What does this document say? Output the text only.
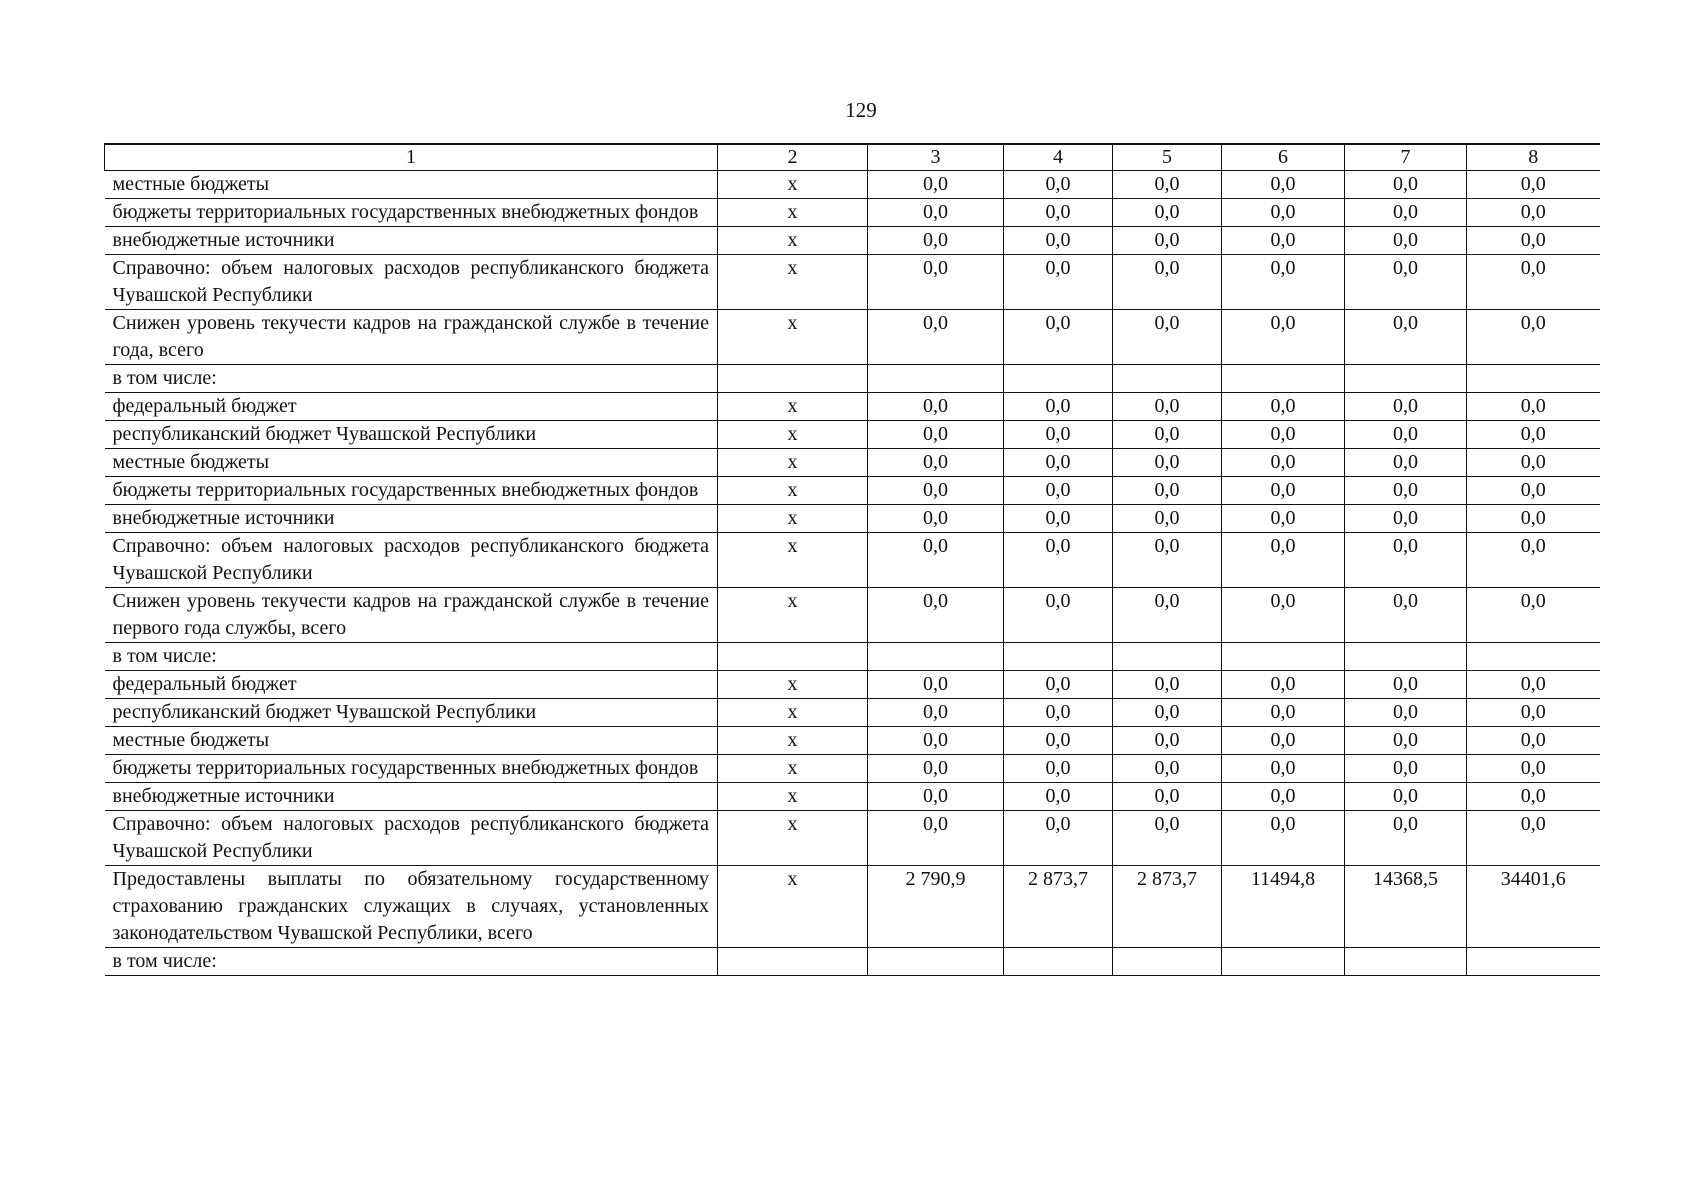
129
1	2	3	4	5	6	7	8
местные бюджеты	x	0,0	0,0	0,0	0,0	0,0	0,0
бюджеты территориальных государственных внебюджетных фондов	x	0,0	0,0	0,0	0,0	0,0	0,0
внебюджетные источники	x	0,0	0,0	0,0	0,0	0,0	0,0
Справочно: объем налоговых расходов республиканского бюджета Чувашской Республики	x	0,0	0,0	0,0	0,0	0,0	0,0
Снижен уровень текучести кадров на гражданской службе в течение года, всего	x	0,0	0,0	0,0	0,0	0,0	0,0
в том числе:							
федеральный бюджет	x	0,0	0,0	0,0	0,0	0,0	0,0
республиканский бюджет Чувашской Республики	x	0,0	0,0	0,0	0,0	0,0	0,0
местные бюджеты	x	0,0	0,0	0,0	0,0	0,0	0,0
бюджеты территориальных государственных внебюджетных фондов	x	0,0	0,0	0,0	0,0	0,0	0,0
внебюджетные источники	x	0,0	0,0	0,0	0,0	0,0	0,0
Справочно: объем налоговых расходов республиканского бюджета Чувашской Республики	x	0,0	0,0	0,0	0,0	0,0	0,0
Снижен уровень текучести кадров на гражданской службе в течение первого года службы, всего	x	0,0	0,0	0,0	0,0	0,0	0,0
в том числе:							
федеральный бюджет	x	0,0	0,0	0,0	0,0	0,0	0,0
республиканский бюджет Чувашской Республики	x	0,0	0,0	0,0	0,0	0,0	0,0
местные бюджеты	x	0,0	0,0	0,0	0,0	0,0	0,0
бюджеты территориальных государственных внебюджетных фондов	x	0,0	0,0	0,0	0,0	0,0	0,0
внебюджетные источники	x	0,0	0,0	0,0	0,0	0,0	0,0
Справочно: объем налоговых расходов республиканского бюджета Чувашской Республики	x	0,0	0,0	0,0	0,0	0,0	0,0
Предоставлены выплаты по обязательному государственному страхованию гражданских служащих в случаях, установленных законодательством Чувашской Республики, всего	x	2 790,9	2 873,7	2 873,7	11494,8	14368,5	34401,6
в том числе:							
